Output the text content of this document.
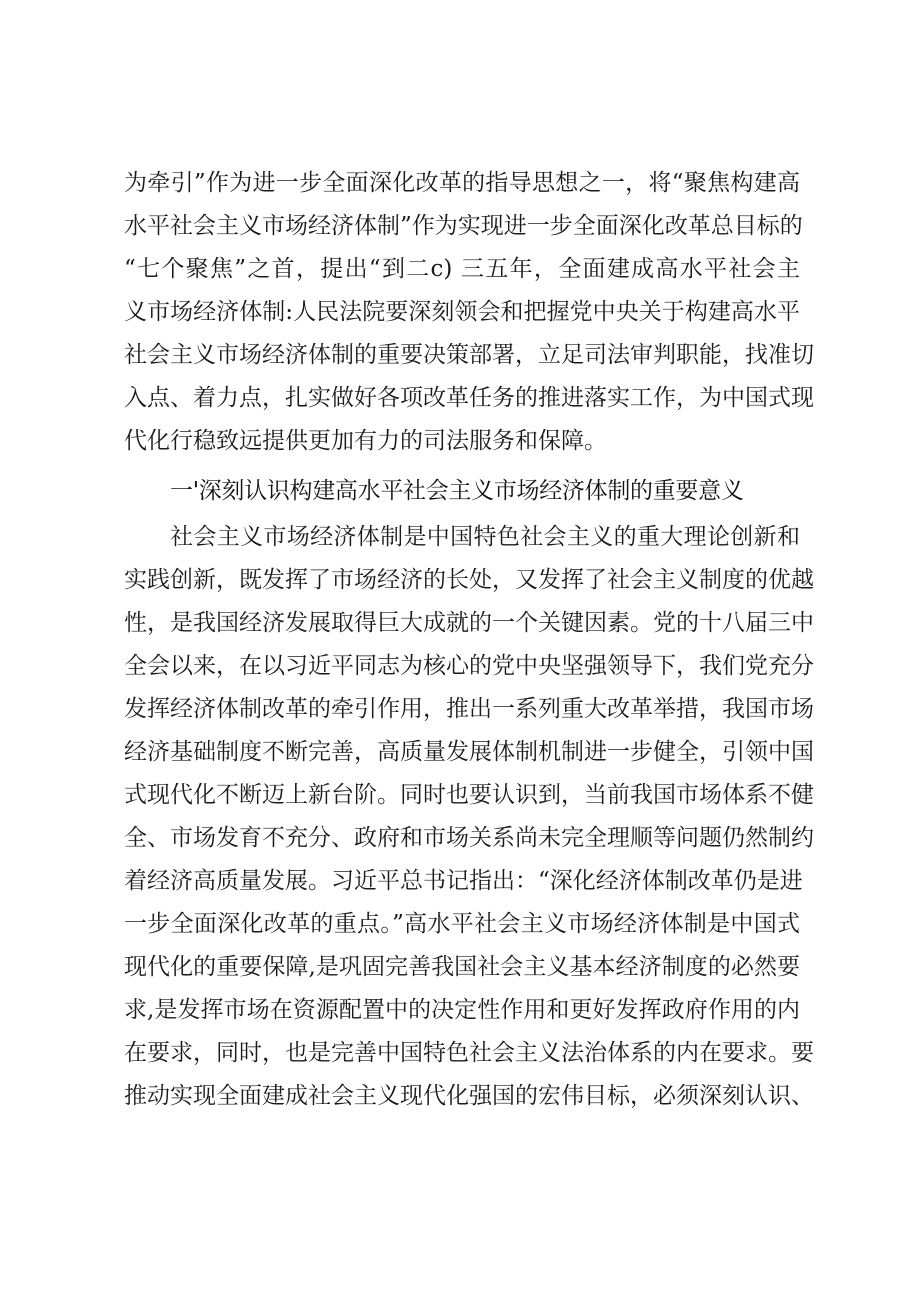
为牵引”作为进一步全面深化改革的指导思想之一，将“聚焦构建高
水平社会主义市场经济体制”作为实现进一步全面深化改革总目标的
“七个聚焦”之首，提出“到二c) 三五年，全面建成高水平社会主
义市场经济体制:人民法院要深刻领会和把握党中央关于构建高水平
社会主义市场经济体制的重要决策部署，立足司法审判职能，找准切
入点、着力点，扎实做好各项改革任务的推进落实工作，为中国式现
代化行稳致远提供更加有力的司法服务和保障。
一'深刻认识构建高水平社会主义市场经济体制的重要意义
社会主义市场经济体制是中国特色社会主义的重大理论创新和
实践创新，既发挥了市场经济的长处，又发挥了社会主义制度的优越
性，是我国经济发展取得巨大成就的一个关键因素。党的十八届三中
全会以来，在以习近平同志为核心的党中央坚强领导下，我们党充分
发挥经济体制改革的牵引作用，推出一系列重大改革举措，我国市场
经济基础制度不断完善，高质量发展体制机制进一步健全，引领中国
式现代化不断迈上新台阶。同时也要认识到，当前我国市场体系不健
全、市场发育不充分、政府和市场关系尚未完全理顺等问题仍然制约
着经济高质量发展。习近平总书记指出：“深化经济体制改革仍是进
一步全面深化改革的重点。”高水平社会主义市场经济体制是中国式
现代化的重要保障,是巩固完善我国社会主义基本经济制度的必然要
求,是发挥市场在资源配置中的决定性作用和更好发挥政府作用的内
在要求，同时，也是完善中国特色社会主义法治体系的内在要求。要
推动实现全面建成社会主义现代化强国的宏伟目标，必须深刻认识、
